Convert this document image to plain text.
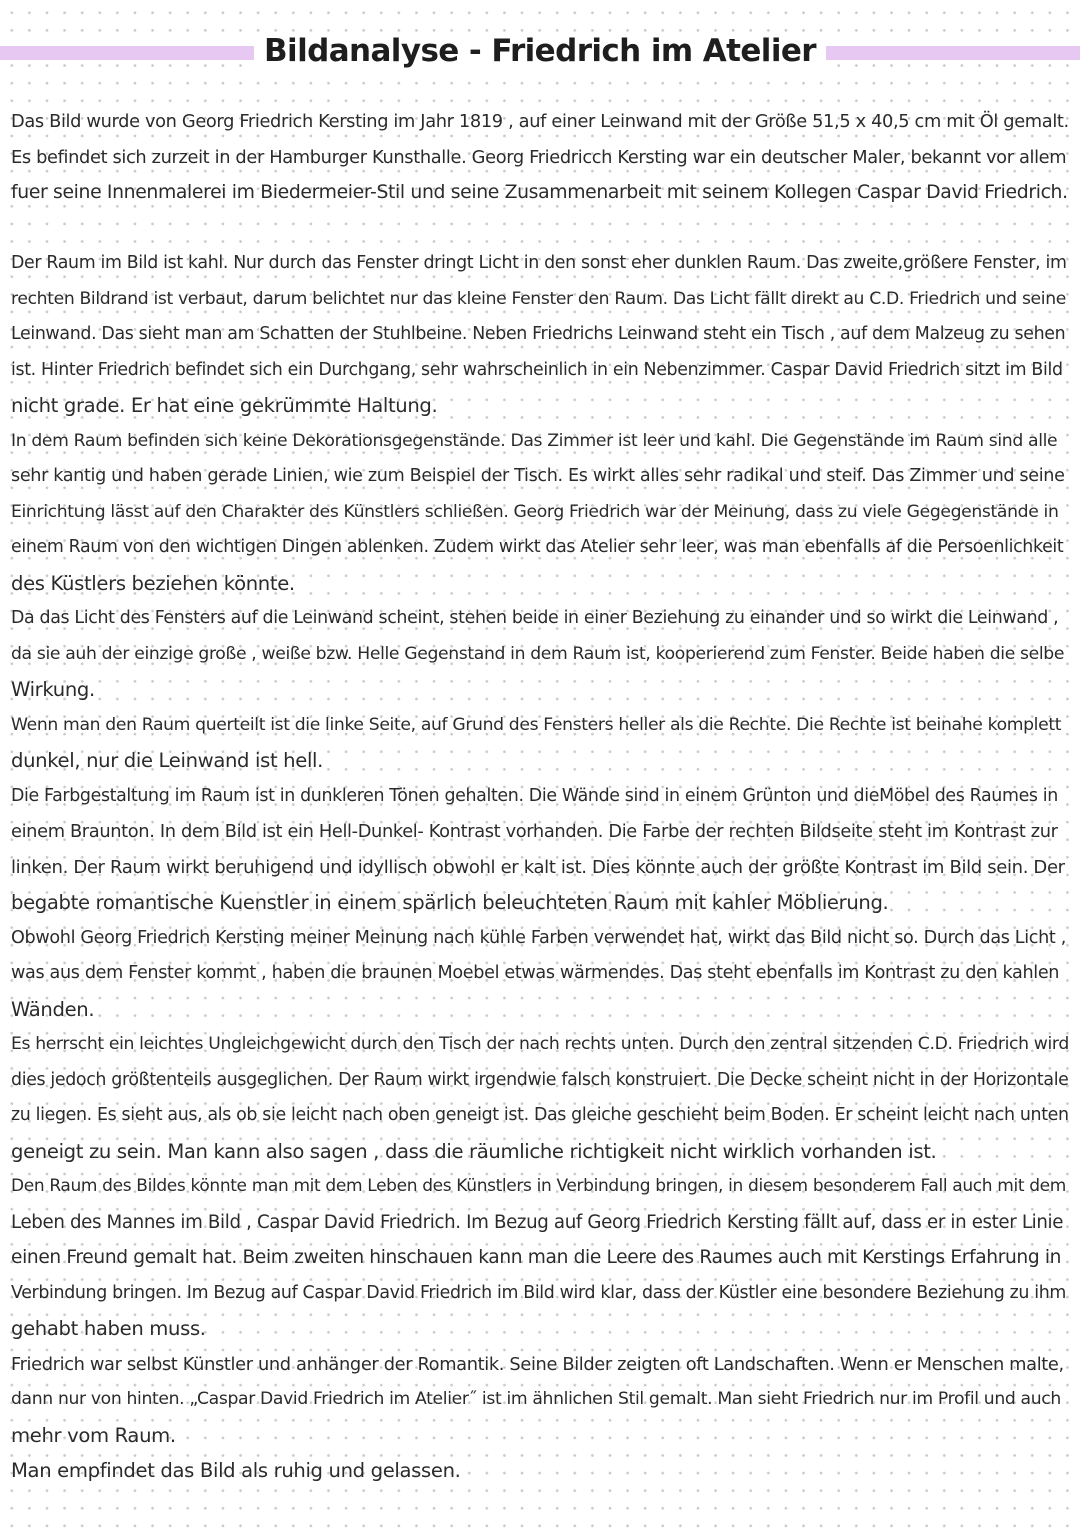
Bildanalyse - Friedrich im Atelier
Das Bild wurde von Georg Friedrich Kersting im Jahr 1819 , auf einer Leinwand mit der Größe 51,5 x 40,5 cm mit Öl gemalt.
Es befindet sich zurzeit in der Hamburger Kunsthalle. Georg Friedricch Kersting war ein deutscher Maler, bekannt vor allem
fuer seine Innenmalerei im Biedermeier-Stil und seine Zusammenarbeit mit seinem Kollegen Caspar David Friedrich.
Der Raum im Bild ist kahl. Nur durch das Fenster dringt Licht in den sonst eher dunklen Raum. Das zweite,größere Fenster, im
rechten Bildrand ist verbaut, darum belichtet nur das kleine Fenster den Raum. Das Licht fällt direkt au C.D. Friedrich und seine
Leinwand. Das sieht man am Schatten der Stuhlbeine. Neben Friedrichs Leinwand steht ein Tisch , auf dem Malzeug zu sehen
ist. Hinter Friedrich befindet sich ein Durchgang, sehr wahrscheinlich in ein Nebenzimmer. Caspar David Friedrich sitzt im Bild
nicht grade. Er hat eine gekrümmte Haltung.
In dem Raum befinden sich keine Dekorationsgegenstände. Das Zimmer ist leer und kahl. Die Gegenstände im Raum sind alle
sehr kantig und haben gerade Linien, wie zum Beispiel der Tisch. Es wirkt alles sehr radikal und steif. Das Zimmer und seine
Einrichtung lässt auf den Charakter des Künstlers schließen. Georg Friedrich war der Meinung, dass zu viele Gegegenstände in
einem Raum von den wichtigen Dingen ablenken. Zudem wirkt das Atelier sehr leer, was man ebenfalls af die Persoenlichkeit
des Küstlers beziehen könnte.
Da das Licht des Fensters auf die Leinwand scheint, stehen beide in einer Beziehung zu einander und so wirkt die Leinwand ,
da sie auh der einzige große , weiße bzw. Helle Gegenstand in dem Raum ist, kooperierend zum Fenster. Beide haben die selbe
Wirkung.
Wenn man den Raum querteilt ist die linke Seite, auf Grund des Fensters heller als die Rechte. Die Rechte ist beinahe komplett
dunkel, nur die Leinwand ist hell.
Die Farbgestaltung im Raum ist in dunkleren Tönen gehalten. Die Wände sind in einem Grünton und dieMöbel des Raumes in
einem Braunton. In dem Bild ist ein Hell-Dunkel- Kontrast vorhanden. Die Farbe der rechten Bildseite steht im Kontrast zur
linken. Der Raum wirkt beruhigend und idyllisch obwohl er kalt ist. Dies könnte auch der größte Kontrast im Bild sein. Der
begabte romantische Kuenstler in einem spärlich beleuchteten Raum mit kahler Möblierung.
Obwohl Georg Friedrich Kersting meiner Meinung nach kühle Farben verwendet hat, wirkt das Bild nicht so. Durch das Licht ,
was aus dem Fenster kommt , haben die braunen Moebel etwas wärmendes. Das steht ebenfalls im Kontrast zu den kahlen
Wänden.
Es herrscht ein leichtes Ungleichgewicht durch den Tisch der nach rechts unten. Durch den zentral sitzenden C.D. Friedrich wird
dies jedoch größtenteils ausgeglichen. Der Raum wirkt irgendwie falsch konstruiert. Die Decke scheint nicht in der Horizontale
zu liegen. Es sieht aus, als ob sie leicht nach oben geneigt ist. Das gleiche geschieht beim Boden. Er scheint leicht nach unten
geneigt zu sein. Man kann also sagen , dass die räumliche richtigkeit nicht wirklich vorhanden ist.
Den Raum des Bildes könnte man mit dem Leben des Künstlers in Verbindung bringen, in diesem besonderem Fall auch mit dem
Leben des Mannes im Bild , Caspar David Friedrich. Im Bezug auf Georg Friedrich Kersting fällt auf, dass er in ester Linie
einen Freund gemalt hat. Beim zweiten hinschauen kann man die Leere des Raumes auch mit Kerstings Erfahrung in
Verbindung bringen. Im Bezug auf Caspar David Friedrich im Bild wird klar, dass der Küstler eine besondere Beziehung zu ihm
gehabt haben muss.
Friedrich war selbst Künstler und anhänger der Romantik. Seine Bilder zeigten oft Landschaften. Wenn er Menschen malte,
dann nur von hinten. „Caspar David Friedrich im Atelier˝ ist im ähnlichen Stil gemalt. Man sieht Friedrich nur im Profil und auch
mehr vom Raum.
Man empfindet das Bild als ruhig und gelassen.
